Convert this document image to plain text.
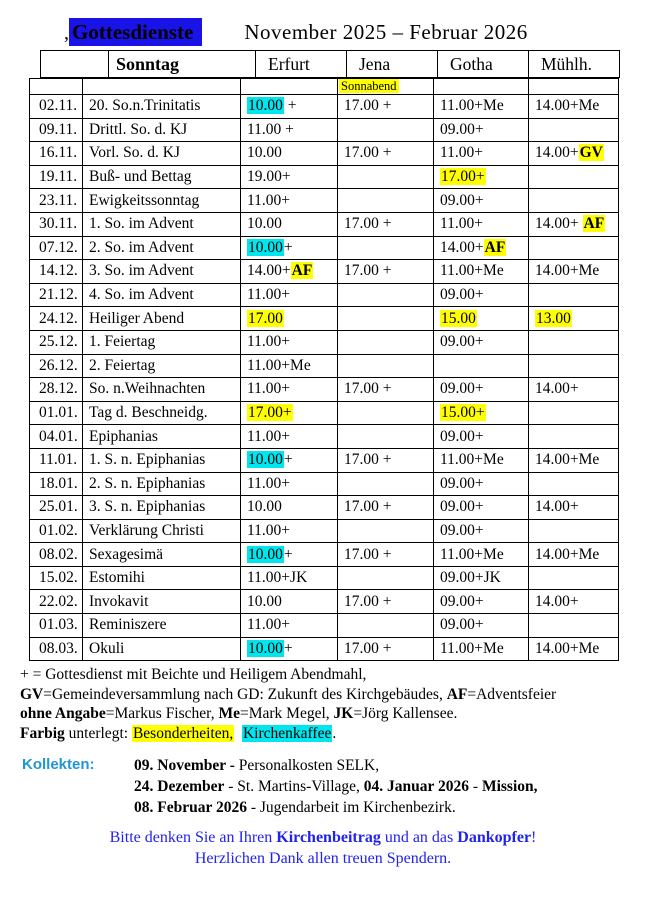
, Gottesdienste November 2025 – Februar 2026
	Sonntag	Erfurt	Jena	Gotha	Mühlh.
			Sonnabend		
02.11.	20. So.n.Trinitatis	10.00 +	17.00 +	11.00+Me	14.00+Me
09.11.	Drittl. So. d. KJ	11.00 +		09.00+	
16.11.	Vorl. So. d. KJ	10.00	17.00 +	11.00+	14.00+GV
19.11.	Buß- und Bettag	19.00+		17.00+	
23.11.	Ewigkeitssonntag	11.00+		09.00+	
30.11.	1. So. im Advent	10.00	17.00 +	11.00+	14.00+ AF
07.12.	2. So. im Advent	10.00+		14.00+AF	
14.12.	3. So. im Advent	14.00+AF	17.00 +	11.00+Me	14.00+Me
21.12.	4. So. im Advent	11.00+		09.00+	
24.12.	Heiliger Abend	17.00		15.00	13.00
25.12.	1. Feiertag	11.00+		09.00+	
26.12.	2. Feiertag	11.00+Me			
28.12.	So. n.Weihnachten	11.00+	17.00 +	09.00+	14.00+
01.01.	Tag d. Beschneidg.	17.00+		15.00+	
04.01.	Epiphanias	11.00+		09.00+	
11.01.	1. S. n. Epiphanias	10.00+	17.00 +	11.00+Me	14.00+Me
18.01.	2. S. n. Epiphanias	11.00+		09.00+	
25.01.	3. S. n. Epiphanias	10.00	17.00 +	09.00+	14.00+
01.02.	Verklärung Christi	11.00+		09.00+	
08.02.	Sexagesimä	10.00+	17.00 +	11.00+Me	14.00+Me
15.02.	Estomihi	11.00+JK		09.00+JK	
22.02.	Invokavit	10.00	17.00 +	09.00+	14.00+
01.03.	Reminiszere	11.00+		09.00+	
08.03.	Okuli	10.00+	17.00 +	11.00+Me	14.00+Me
+ = Gottesdienst mit Beichte und Heiligem Abendmahl,
GV=Gemeindeversammlung nach GD: Zukunft des Kirchgebäudes, AF=Adventsfeier
ohne Angabe=Markus Fischer, Me=Mark Megel, JK=Jörg Kallensee.
Farbig unterlegt: Besonderheiten, Kirchenkaffee.
Kollekten:	09. November - Personalkosten SELK,
24. Dezember - St. Martins-Village, 04. Januar 2026 - Mission,
08. Februar 2026 - Jugendarbeit im Kirchenbezirk.
Bitte denken Sie an Ihren Kirchenbeitrag und an das Dankopfer!
Herzlichen Dank allen treuen Spendern.
